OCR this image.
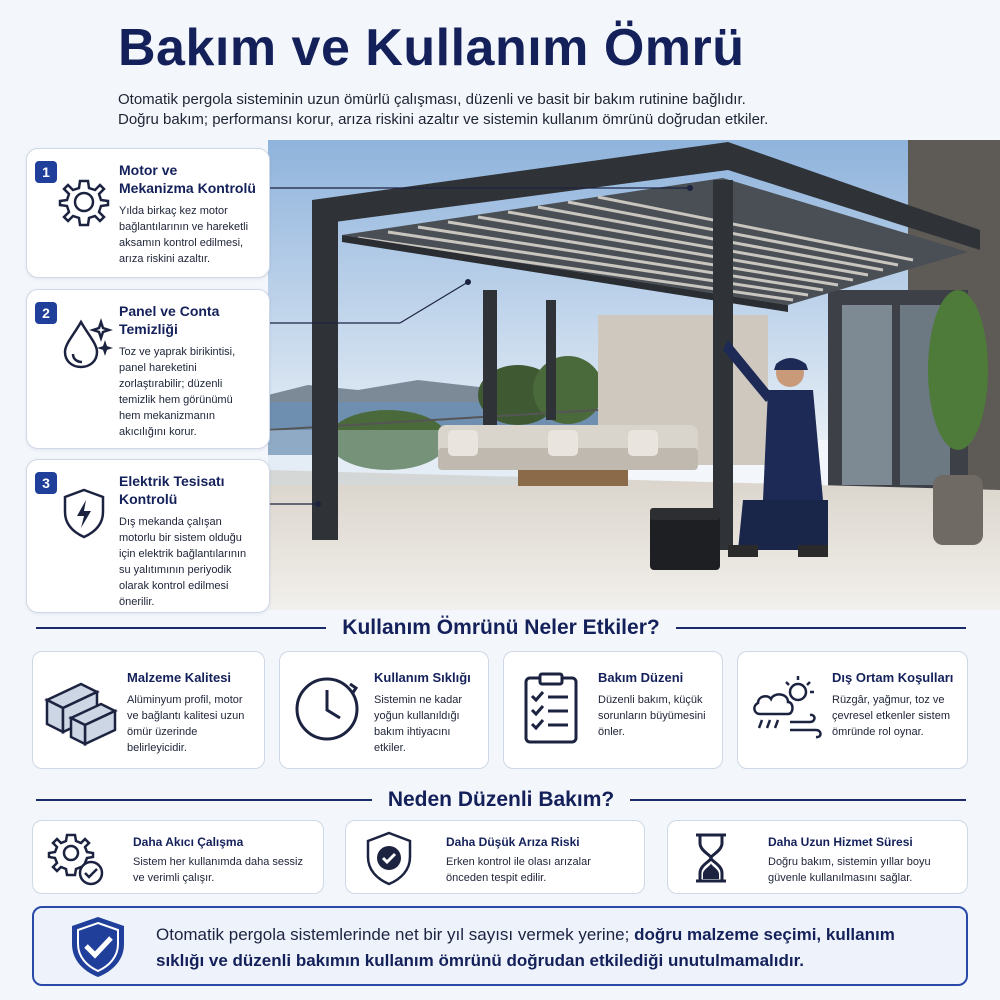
Bakım ve Kullanım Ömrü

Otomatik pergola sisteminin uzun ömürlü çalışması, düzenli ve basit bir bakım rutinine bağlıdır.

Doğru bakım; performansı korur, arıza riskini azaltır ve sistemin kullanım ömrünü doğrudan etkiler.

1	Motor ve
Mekanizma Kontrolü
Yılda birkaç kez motor
bağlantılarının ve hareketli
aksamın kontrol edilmesi,
arıza riskini azaltır.
2	Panel ve Conta
Temizliği
Toz ve yaprak birikintisi,
panel hareketini
zorlaştırabilir; düzenli
temizlik hem görünümü
hem mekanizmanın
akıcılığını korur.
3	Elektrik Tesisatı
Kontrolü
Dış mekanda çalışan
motorlu bir sistem olduğu
için elektrik bağlantılarının
su yalıtımının periyodik
olarak kontrol edilmesi
önerilir.
Kullanım Ömrünü Neler Etkiler?
Malzeme Kalitesi
Alüminyum profil, motor
ve bağlantı kalitesi uzun
ömür üzerinde
belirleyicidir.
Kullanım Sıklığı
Sistemin ne kadar
yoğun kullanıldığı
bakım ihtiyacını
etkiler.
Bakım Düzeni
Düzenli bakım, küçük
sorunların büyümesini
önler.
Dış Ortam Koşulları
Rüzgâr, yağmur, toz ve
çevresel etkenler sistem
ömründe rol oynar.
Neden Düzenli Bakım?
Daha Akıcı Çalışma
Sistem her kullanımda daha sessiz
ve verimli çalışır.
Daha Düşük Arıza Riski
Erken kontrol ile olası arızalar
önceden tespit edilir.
Daha Uzun Hizmet Süresi
Doğru bakım, sistemin yıllar boyu
güvenle kullanılmasını sağlar.
Otomatik pergola sistemlerinde net bir yıl sayısı vermek yerine; doğru malzeme seçimi, kullanım sıklığı ve düzenli bakımın kullanım ömrünü doğrudan etkilediği unutulmamalıdır.
